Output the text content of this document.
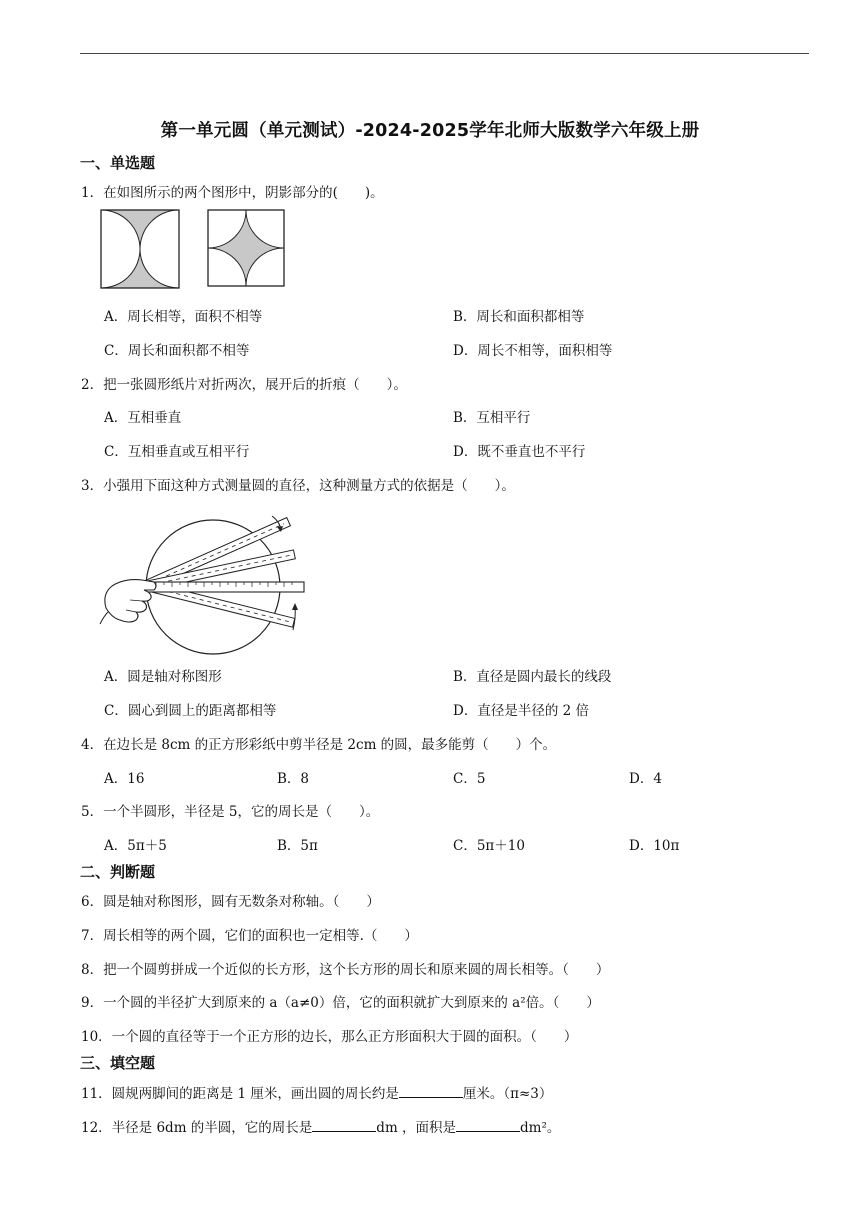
第一单元圆（单元测试）-2024-2025学年北师大版数学六年级上册
一、单选题
1．在如图所示的两个图形中，阴影部分的(　　)。
A．周长相等，面积不相等	B．周长和面积都相等
C．周长和面积都不相等	D．周长不相等，面积相等
2．把一张圆形纸片对折两次，展开后的折痕（　　）。
A．互相垂直	B．互相平行
C．互相垂直或互相平行	D．既不垂直也不平行
3．小强用下面这种方式测量圆的直径，这种测量方式的依据是（　　）。
A．圆是轴对称图形	B．直径是圆内最长的线段
C．圆心到圆上的距离都相等	D．直径是半径的 2 倍
4．在边长是 8cm 的正方形彩纸中剪半径是 2cm 的圆，最多能剪（　　）个。
A．16	B．8	C．5	D．4
5．一个半圆形，半径是 5，它的周长是（　　）。
A．5π＋5	B．5π	C．5π＋10	D．10π
二、判断题
6．圆是轴对称图形，圆有无数条对称轴。（　　）
7．周长相等的两个圆，它们的面积也一定相等.（　　）
8．把一个圆剪拼成一个近似的长方形，这个长方形的周长和原来圆的周长相等。（　　）
9．一个圆的半径扩大到原来的 a（a≠0）倍，它的面积就扩大到原来的 a²倍。（　　）
10．一个圆的直径等于一个正方形的边长，那么正方形面积大于圆的面积。（　　）
三、填空题
11．圆规两脚间的距离是 1 厘米，画出圆的周长约是	厘米。（π≈3）
12．半径是 6dm 的半圆，它的周长是	dm ，面积是	dm²。
